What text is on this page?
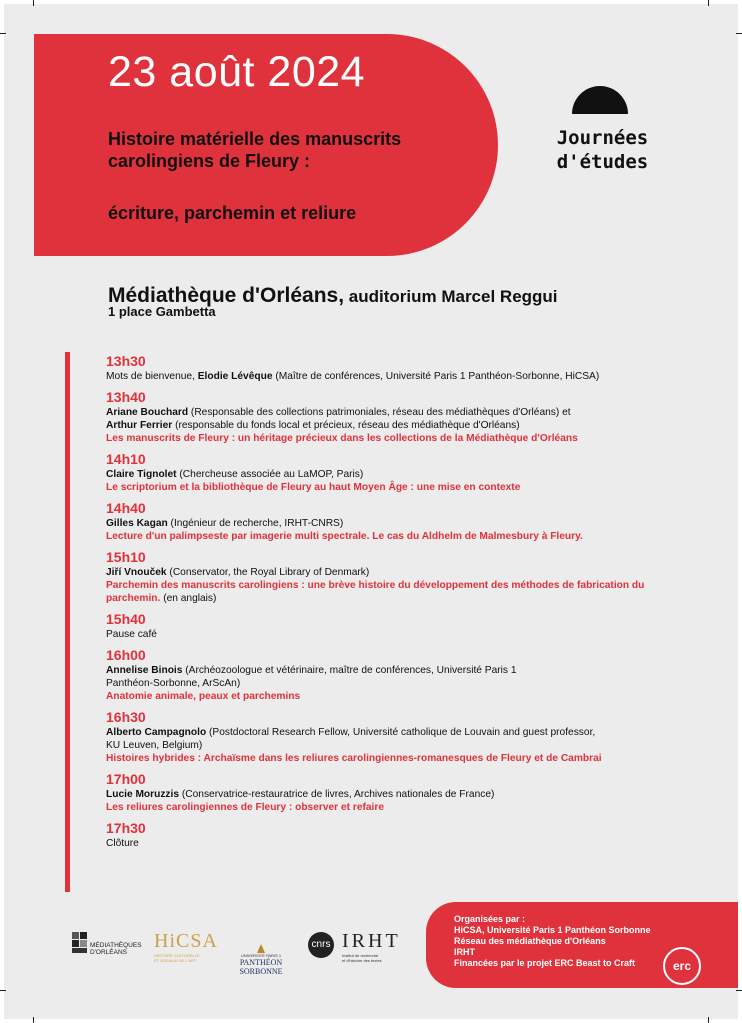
23 août 2024
Histoire matérielle des manuscrits
carolingiens de Fleury :
écriture, parchemin et reliure
Journées
d'études
Médiathèque d'Orléans, auditorium Marcel Reggui
1 place Gambetta
13h30
Mots de bienvenue, Elodie Lévêque (Maître de conférences, Université Paris 1 Panthéon-Sorbonne, HiCSA)
13h40
Ariane Bouchard (Responsable des collections patrimoniales, réseau des médiathèques d'Orléans) et
Arthur Ferrier (responsable du fonds local et précieux, réseau des médiathèque d'Orléans)
Les manuscrits de Fleury : un héritage précieux dans les collections de la Médiathèque d'Orléans
14h10
Claire Tignolet (Chercheuse associée au LaMOP, Paris)
Le scriptorium et la bibliothèque de Fleury au haut Moyen Âge : une mise en contexte
14h40
Gilles Kagan (Ingénieur de recherche, IRHT-CNRS)
Lecture d'un palimpseste par imagerie multi spectrale. Le cas du Aldhelm de Malmesbury à Fleury.
15h10
Jiří Vnouček (Conservator, the Royal Library of Denmark)
Parchemin des manuscrits carolingiens : une brève histoire du développement des méthodes de fabrication du parchemin. (en anglais)
15h40
Pause café
16h00
Annelise Binois (Archéozoologue et vétérinaire, maître de conférences, Université Paris 1
Panthéon-Sorbonne, ArScAn)
Anatomie animale, peaux et parchemins
16h30
Alberto Campagnolo (Postdoctoral Research Fellow, Université catholique de Louvain and guest professor,
KU Leuven, Belgium)
Histoires hybrides : Archaïsme dans les reliures carolingiennes-romanesques de Fleury et de Cambrai
17h00
Lucie Moruzzis (Conservatrice-restauratrice de livres, Archives nationales de France)
Les reliures carolingiennes de Fleury : observer et refaire
17h30
Clôture
MÉDIATHÈQUES
D'ORLÉANS
HiCSA
HISTOIRE CULTURELLE
ET SOCIALE DE L'ART
UNIVERSITÉ PARIS 1
PANTHÉON SORBONNE
cnrs IRHT
Institut de recherche
et d'histoire des textes
Organisées par :
HiCSA, Université Paris 1 Panthéon Sorbonne
Réseau des médiathèque d'Orléans
IRHT
Financées par le projet ERC Beast to Craft	erc
